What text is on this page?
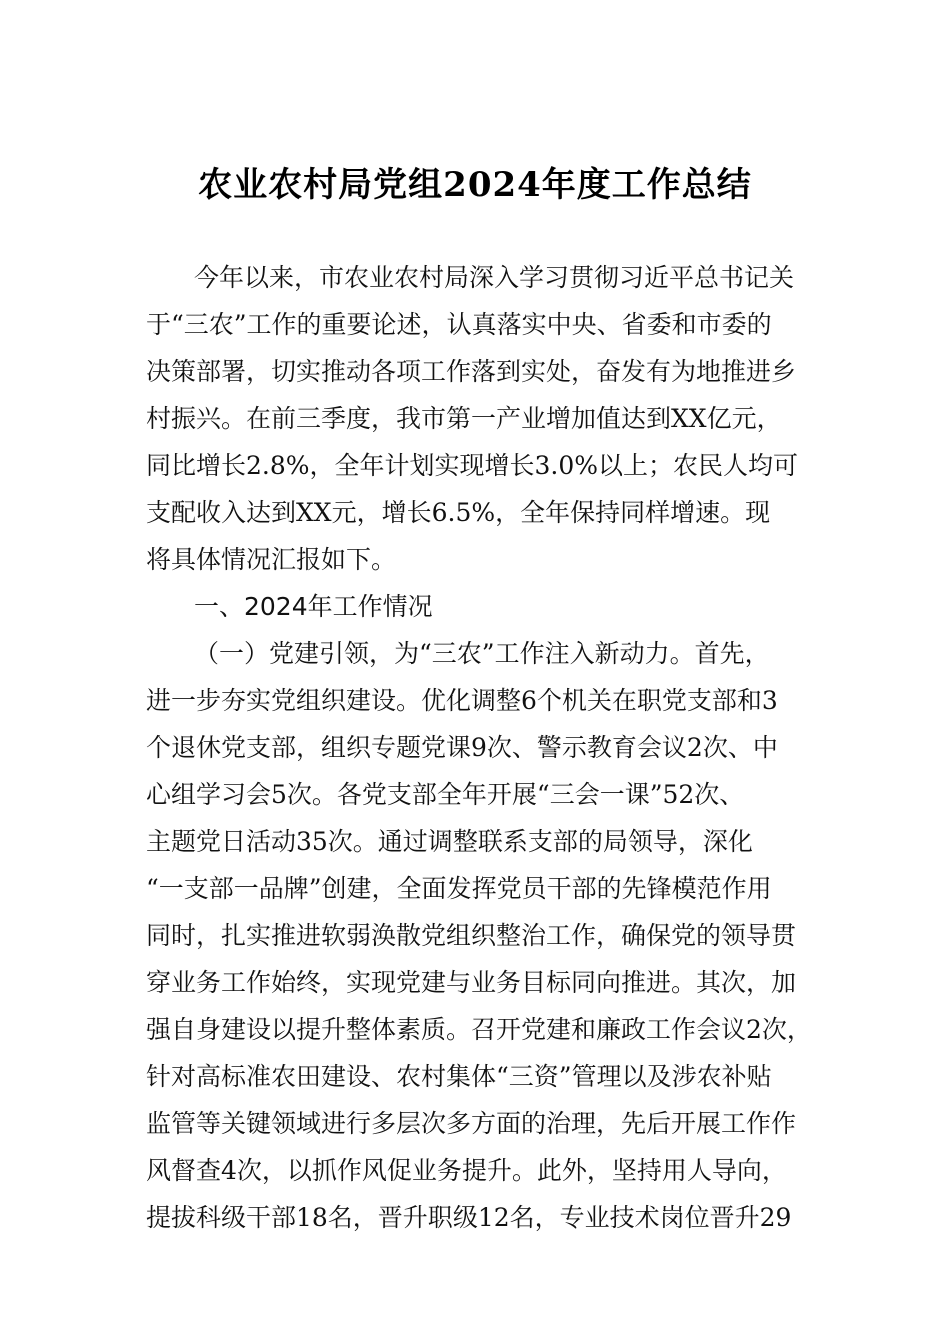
农业农村局党组2024年度工作总结
今年以来，市农业农村局深入学习贯彻习近平总书记关
于“三农”工作的重要论述，认真落实中央、省委和市委的
决策部署，切实推动各项工作落到实处，奋发有为地推进乡
村振兴。在前三季度，我市第一产业增加值达到XX亿元，
同比增长2.8%，全年计划实现增长3.0%以上；农民人均可
支配收入达到XX元，增长6.5%，全年保持同样增速。现
将具体情况汇报如下。
一、2024年工作情况
（一）党建引领，为“三农”工作注入新动力。首先，
进一步夯实党组织建设。优化调整6个机关在职党支部和3
个退休党支部，组织专题党课9次、警示教育会议2次、中
心组学习会5次。各党支部全年开展“三会一课”52次、
主题党日活动35次。通过调整联系支部的局领导，深化
“一支部一品牌”创建，全面发挥党员干部的先锋模范作用
同时，扎实推进软弱涣散党组织整治工作，确保党的领导贯
穿业务工作始终，实现党建与业务目标同向推进。其次，加
强自身建设以提升整体素质。召开党建和廉政工作会议2次，
针对高标准农田建设、农村集体“三资”管理以及涉农补贴
监管等关键领域进行多层次多方面的治理，先后开展工作作
风督查4次，以抓作风促业务提升。此外，坚持用人导向，
提拔科级干部18名，晋升职级12名，专业技术岗位晋升29
